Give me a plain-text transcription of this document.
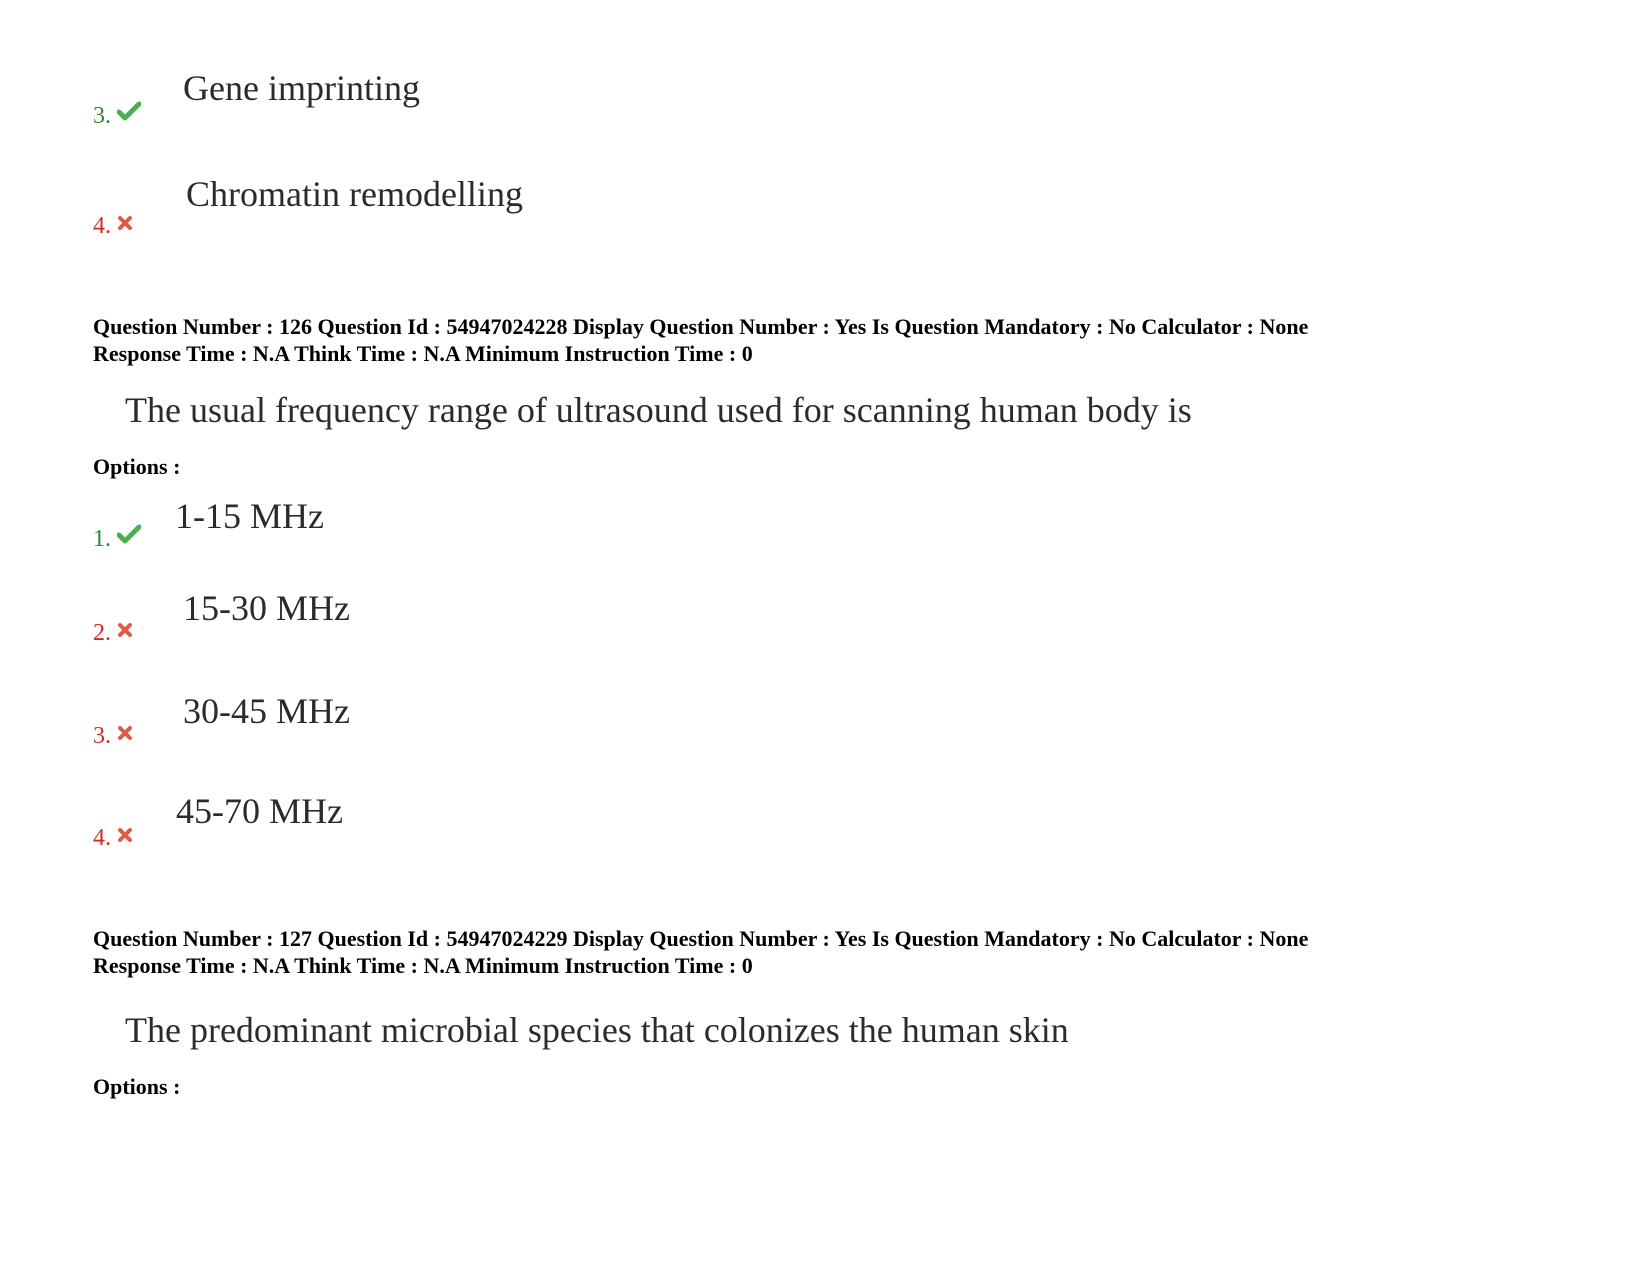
3.
Gene imprinting
4.
Chromatin remodelling
Question Number : 126 Question Id : 54947024228 Display Question Number : Yes Is Question Mandatory : No Calculator : None
Response Time : N.A Think Time : N.A Minimum Instruction Time : 0
The usual frequency range of ultrasound used for scanning human body is
Options :
1.
1-15 MHz
2.
15-30 MHz
3.
30-45 MHz
4.
45-70 MHz
Question Number : 127 Question Id : 54947024229 Display Question Number : Yes Is Question Mandatory : No Calculator : None
Response Time : N.A Think Time : N.A Minimum Instruction Time : 0
The predominant microbial species that colonizes the human skin
Options :
